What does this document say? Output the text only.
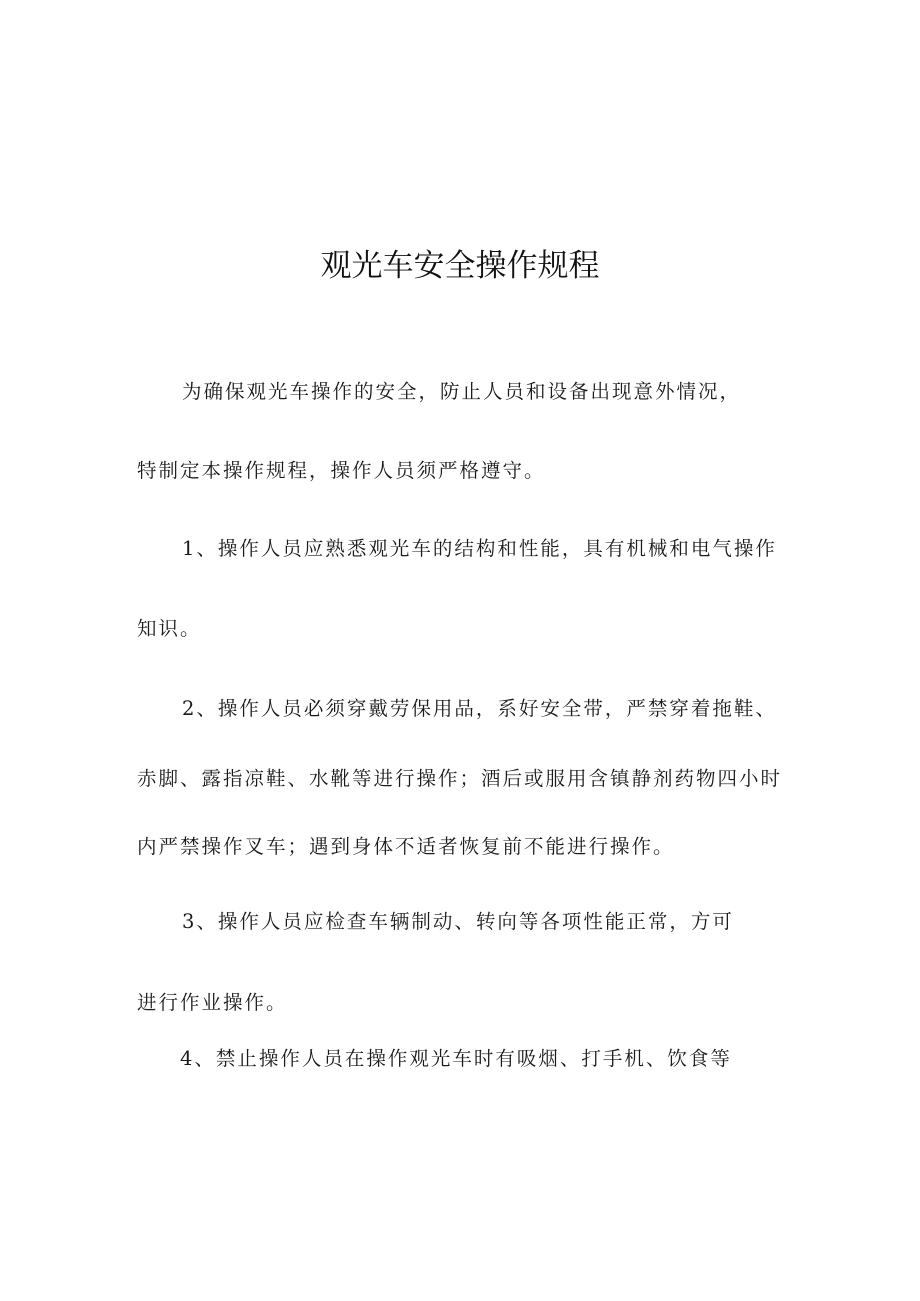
观光车安全操作规程
为确保观光车操作的安全，防止人员和设备出现意外情况，
特制定本操作规程，操作人员须严格遵守。
1、操作人员应熟悉观光车的结构和性能，具有机械和电气操作
知识。
2、操作人员必须穿戴劳保用品，系好安全带，严禁穿着拖鞋、
赤脚、露指凉鞋、水靴等进行操作；酒后或服用含镇静剂药物四小时
内严禁操作叉车；遇到身体不适者恢复前不能进行操作。
3、操作人员应检查车辆制动、转向等各项性能正常，方可
进行作业操作。
4、禁止操作人员在操作观光车时有吸烟、打手机、饮食等
